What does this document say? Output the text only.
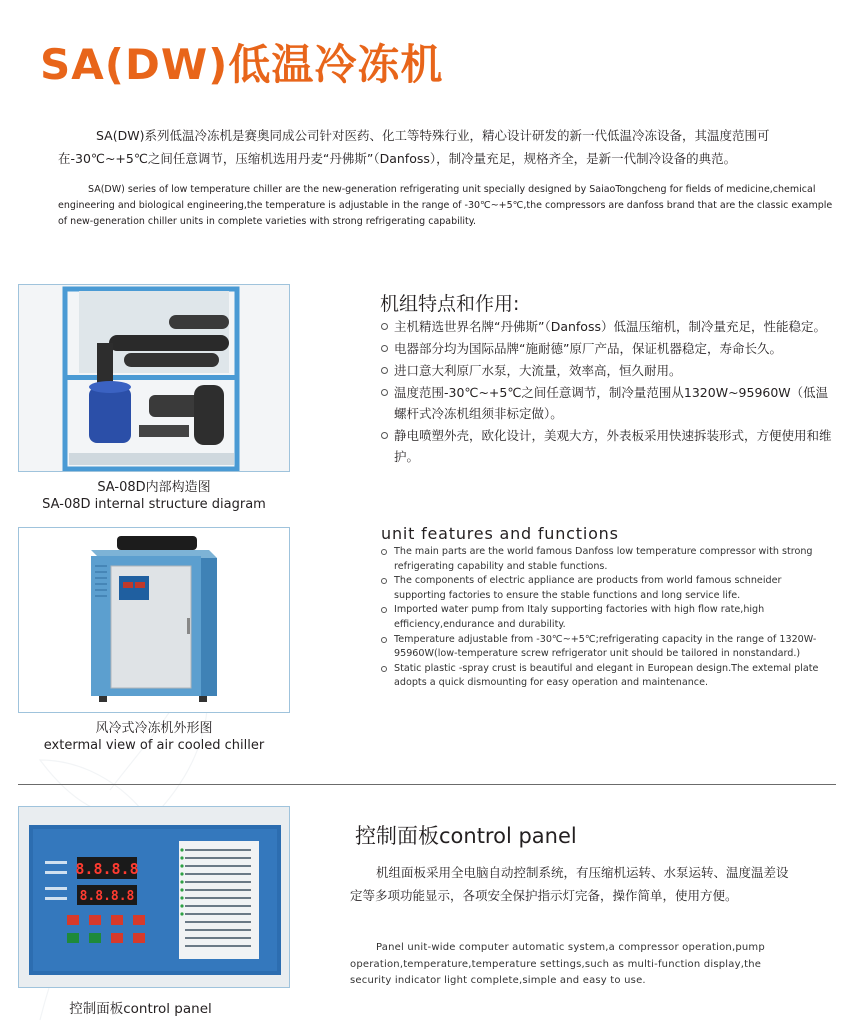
SA(DW)低温冷冻机

SA(DW)系列低温冷冻机是赛奥同成公司针对医药、化工等特殊行业，精心设计研发的新一代低温冷冻设备，其温度范围可在-30℃~+5℃之间任意调节，压缩机选用丹麦“丹佛斯”（Danfoss），制冷量充足，规格齐全，是新一代制冷设备的典范。

SA(DW) series of low temperature chiller are the new-generation refrigerating unit specially designed by SaiaoTongcheng for fields of medicine,chemical engineering and biological engineering,the temperature is adjustable in the range of -30℃~+5℃,the compressors are danfoss brand that are the classic example of new-generation chiller units in complete varieties with strong refrigerating capability.

SA-08D内部构造图
SA-08D internal structure diagram
风冷式冷冻机外形图
extermal view of air cooled chiller
机组特点和作用:
主机精选世界名牌“丹佛斯”（Danfoss）低温压缩机，制冷量充足，性能稳定。
电器部分均为国际品牌“施耐德”原厂产品，保证机器稳定，寿命长久。
进口意大利原厂水泵，大流量，效率高，恒久耐用。
温度范围-30℃~+5℃之间任意调节，制冷量范围从1320W~95960W（低温螺杆式冷冻机组须非标定做）。
静电喷塑外壳，欧化设计，美观大方，外表板采用快速拆装形式，方便使用和维护。
unit features and functions
The main parts are the world famous Danfoss low temperature compressor with strong refrigerating capability and stable functions.
The components of electric appliance are products from world famous schneider supporting factories to ensure the stable functions and long service life.
Imported water pump from Italy supporting factories with high flow rate,high efficiency,endurance and durability.
Temperature adjustable from -30℃~+5℃;refrigerating capacity in the range of 1320W-95960W(low-temperature screw refrigerator unit should be tailored in nonstandard.)
Static plastic -spray crust is beautiful and elegant in European design.The extemal plate adopts a quick dismounting for easy operation and maintenance.
8.8.8.8
8.8.8.8
控制面板control panel
控制面板control panel

机组面板采用全电脑自动控制系统，有压缩机运转、水泵运转、温度温差设定等多项功能显示，各项安全保护指示灯完备，操作简单，使用方便。

Panel unit-wide computer automatic system,a compressor operation,pump operation,temperature,temperature settings,such as multi-function display,the security indicator light complete,simple and easy to use.
